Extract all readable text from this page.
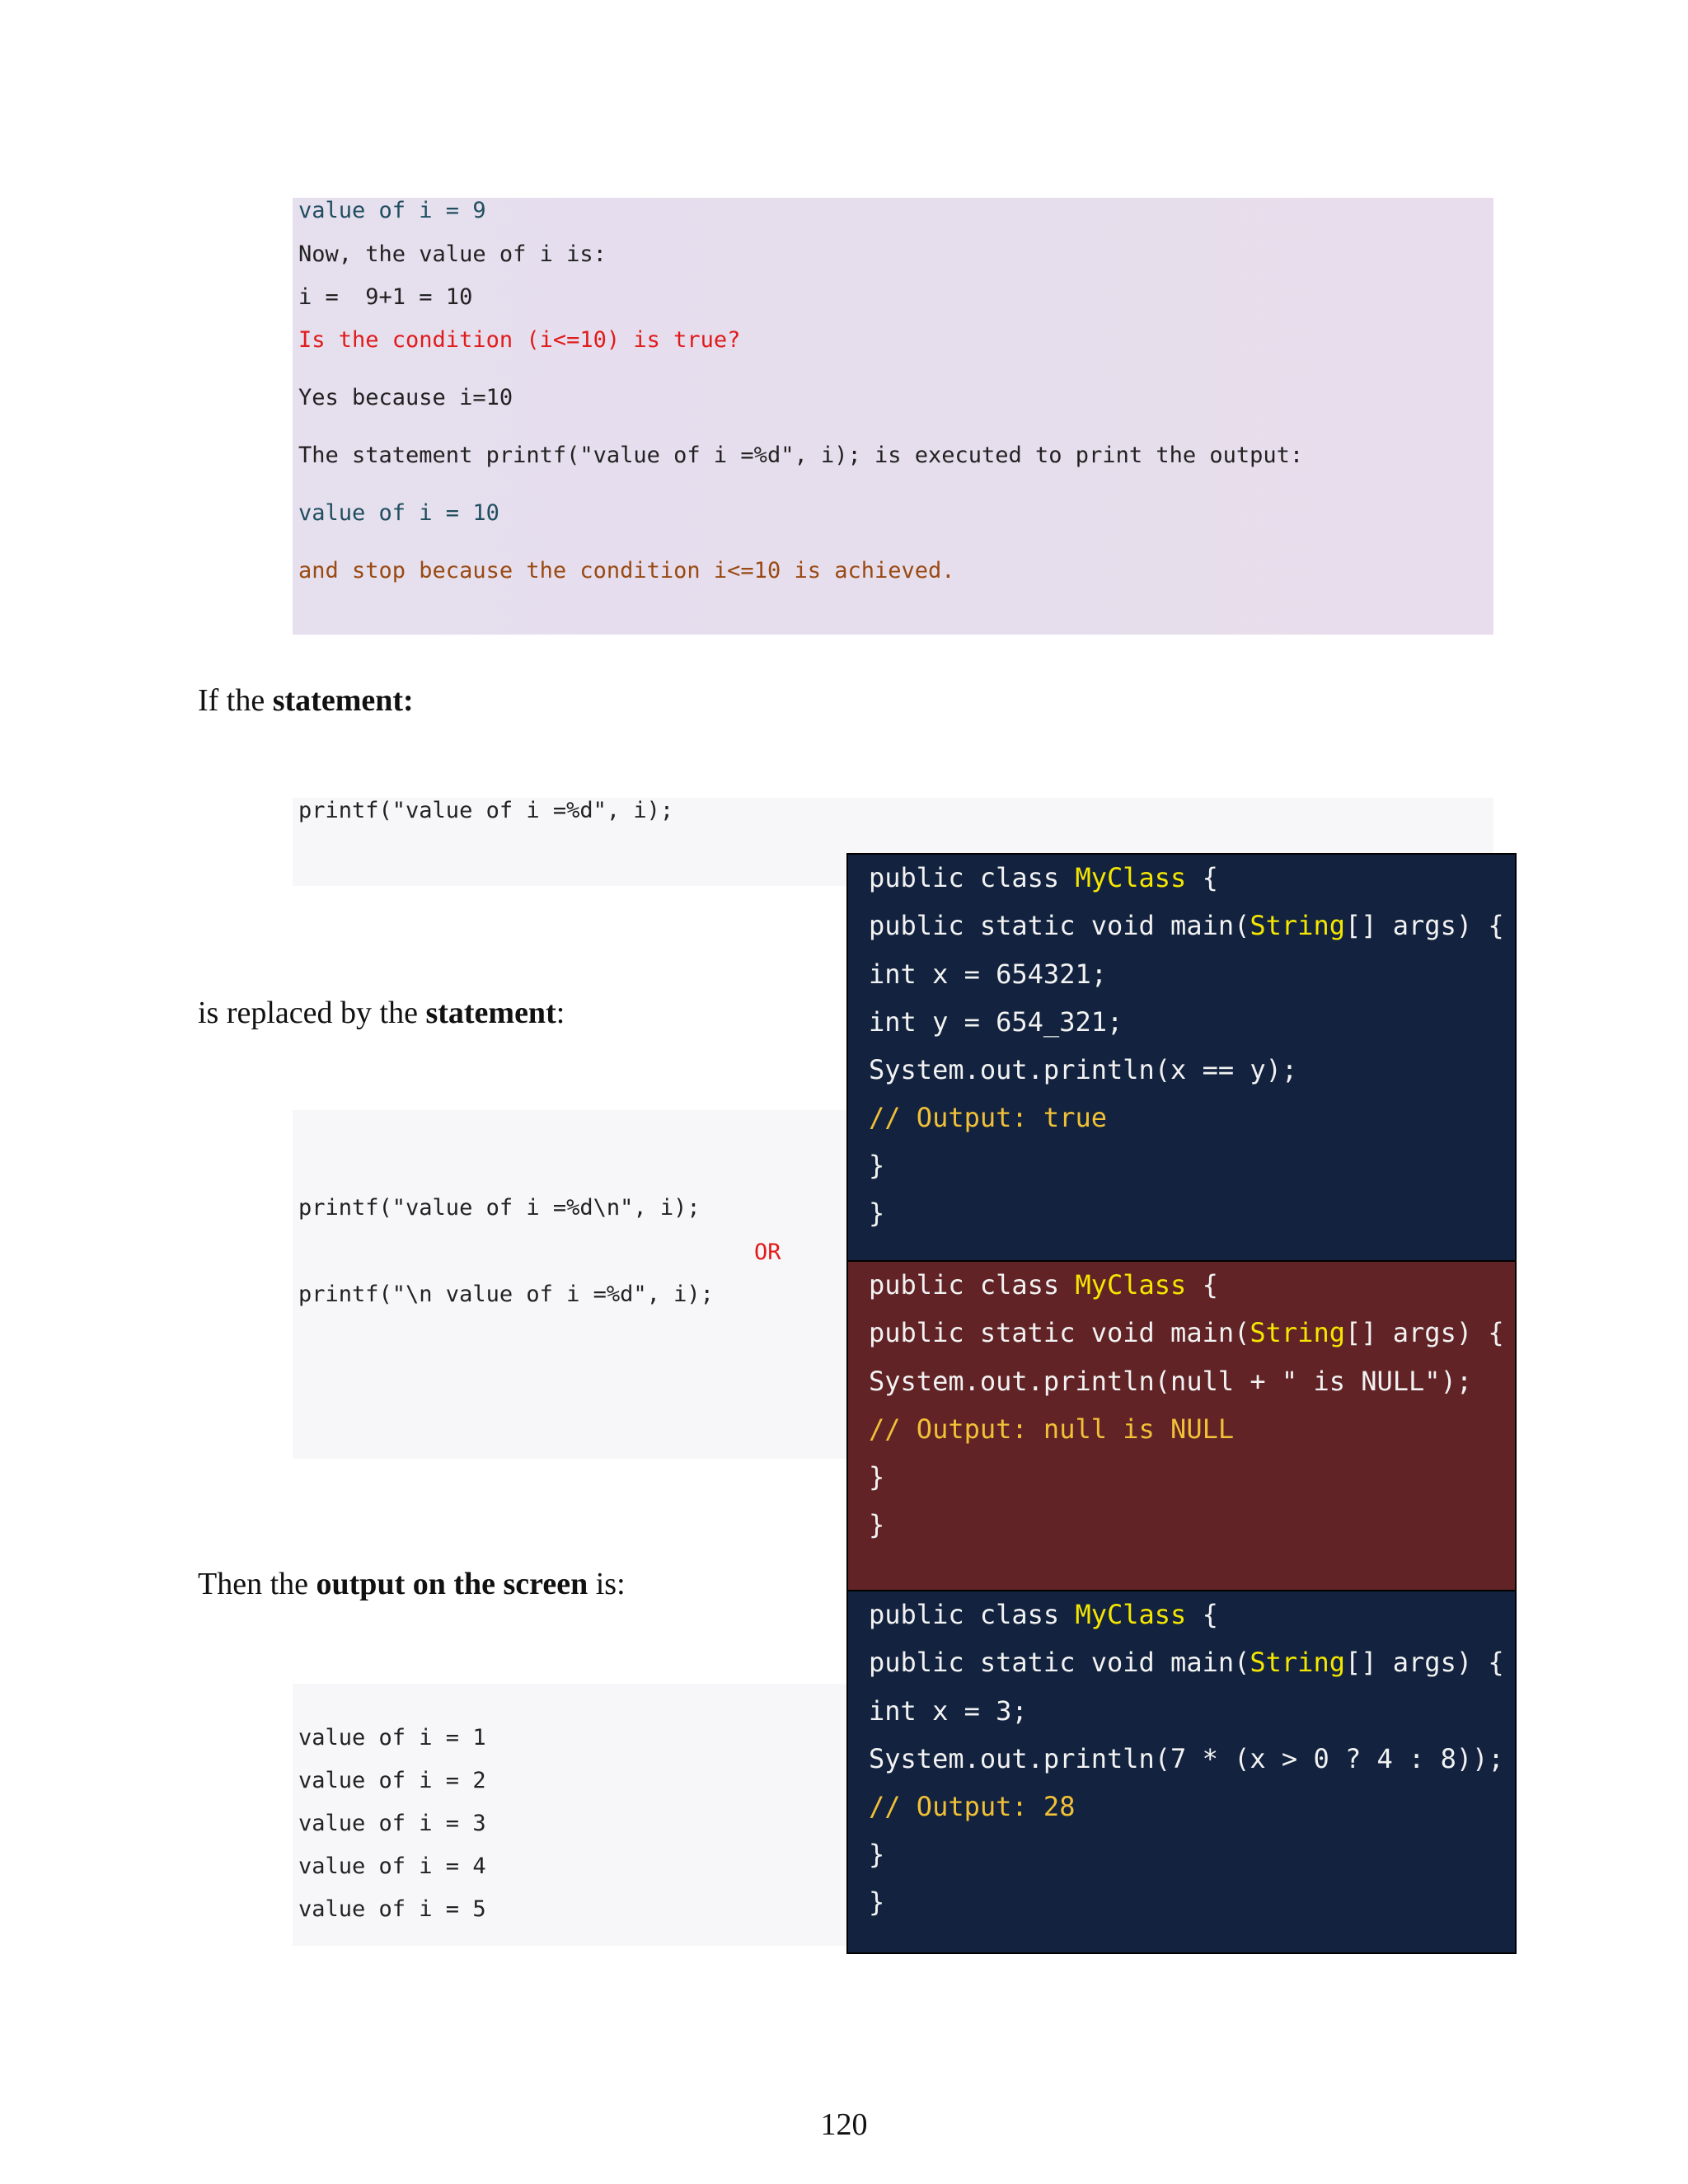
value of i = 9
Now, the value of i is:
i =  9+1 = 10
Is the condition (i<=10) is true?
Yes because i=10
The statement printf("value of i =%d", i); is executed to print the output:
value of i = 10
and stop because the condition i<=10 is achieved.
If the statement:
printf("value of i =%d", i);
is replaced by the statement:
printf("value of i =%d\n", i);
OR
printf("\n value of i =%d", i);
Then the output on the screen is:
value of i = 1
value of i = 2
value of i = 3
value of i = 4
value of i = 5
public class MyClass {
public static void main(String[] args) {
int x = 654321;
int y = 654_321;
System.out.println(x == y);
// Output: true
}
}
public class MyClass {
public static void main(String[] args) {
System.out.println(null + " is NULL");
// Output: null is NULL
}
}
public class MyClass {
public static void main(String[] args) {
int x = 3;
System.out.println(7 * (x > 0 ? 4 : 8));
// Output: 28
}
}
120
